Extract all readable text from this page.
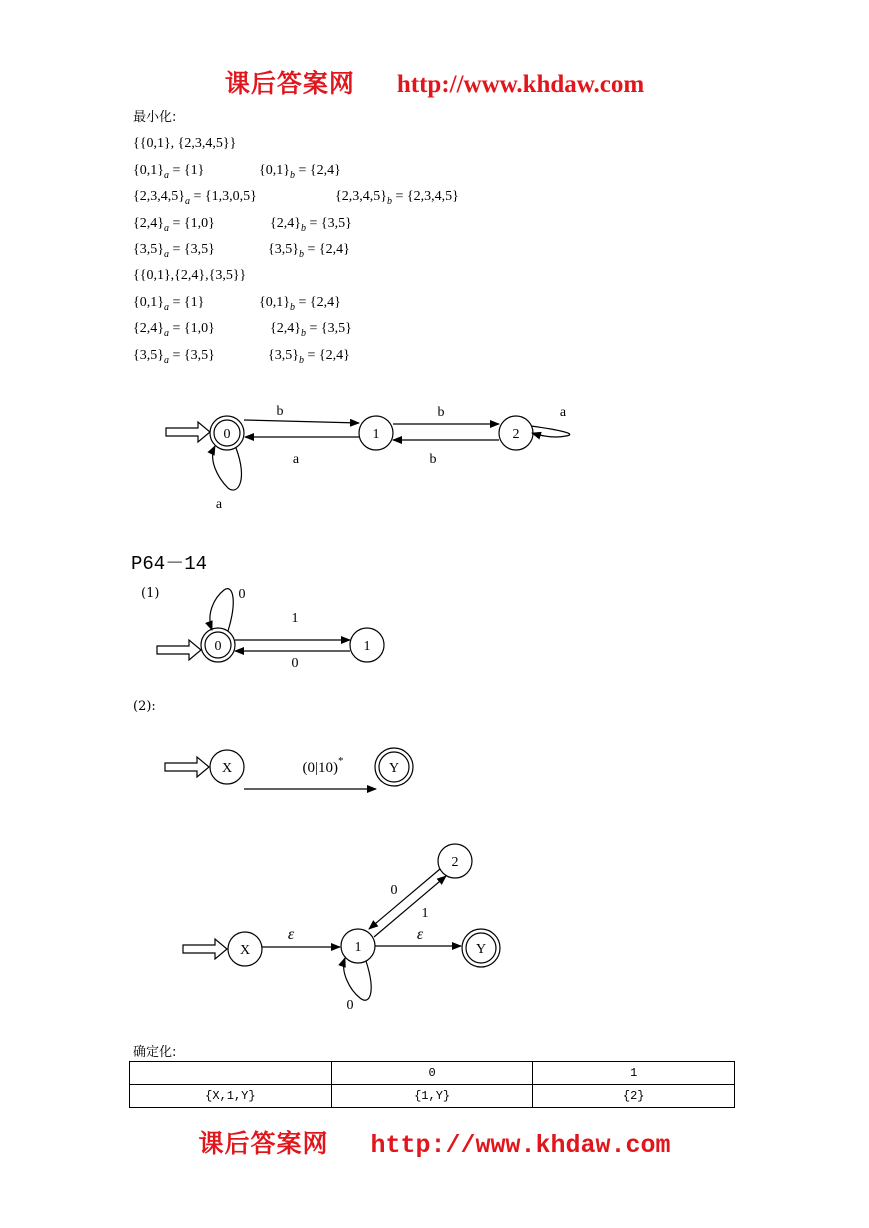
课后答案网 http://www.khdaw.com
最小化:
{{0,1}, {2,3,4,5}}
$\{0,1\}_a = \{1\}$	$\{0,1\}_b = \{2,4\}$
$\{2,3,4,5\}_a = \{1,3,0,5\}$	$\{2,3,4,5\}_b = \{2,3,4,5\}$
$\{2,4\}_a = \{1,0\}$	$\{2,4\}_b = \{3,5\}$
$\{3,5\}_a = \{3,5\}$	$\{3,5\}_b = \{2,4\}$
{{0,1},{2,4},{3,5}}
$\{0,1\}_a = \{1\}$	$\{0,1\}_b = \{2,4\}$
$\{2,4\}_a = \{1,0\}$	$\{2,4\}_b = \{3,5\}$
$\{3,5\}_a = \{3,5\}$	$\{3,5\}_b = \{2,4\}$
0	1	2
b
a
b
b
a
a
0	1
0
1
0
X	Y
(0|10)*
X	1
2
Y
ε	ε
1
0
0
P64－14
(1)
(2):
确定化:
	0	1
{X,1,Y}	{1,Y}	{2}
课后答案网 http://www.khdaw.com
